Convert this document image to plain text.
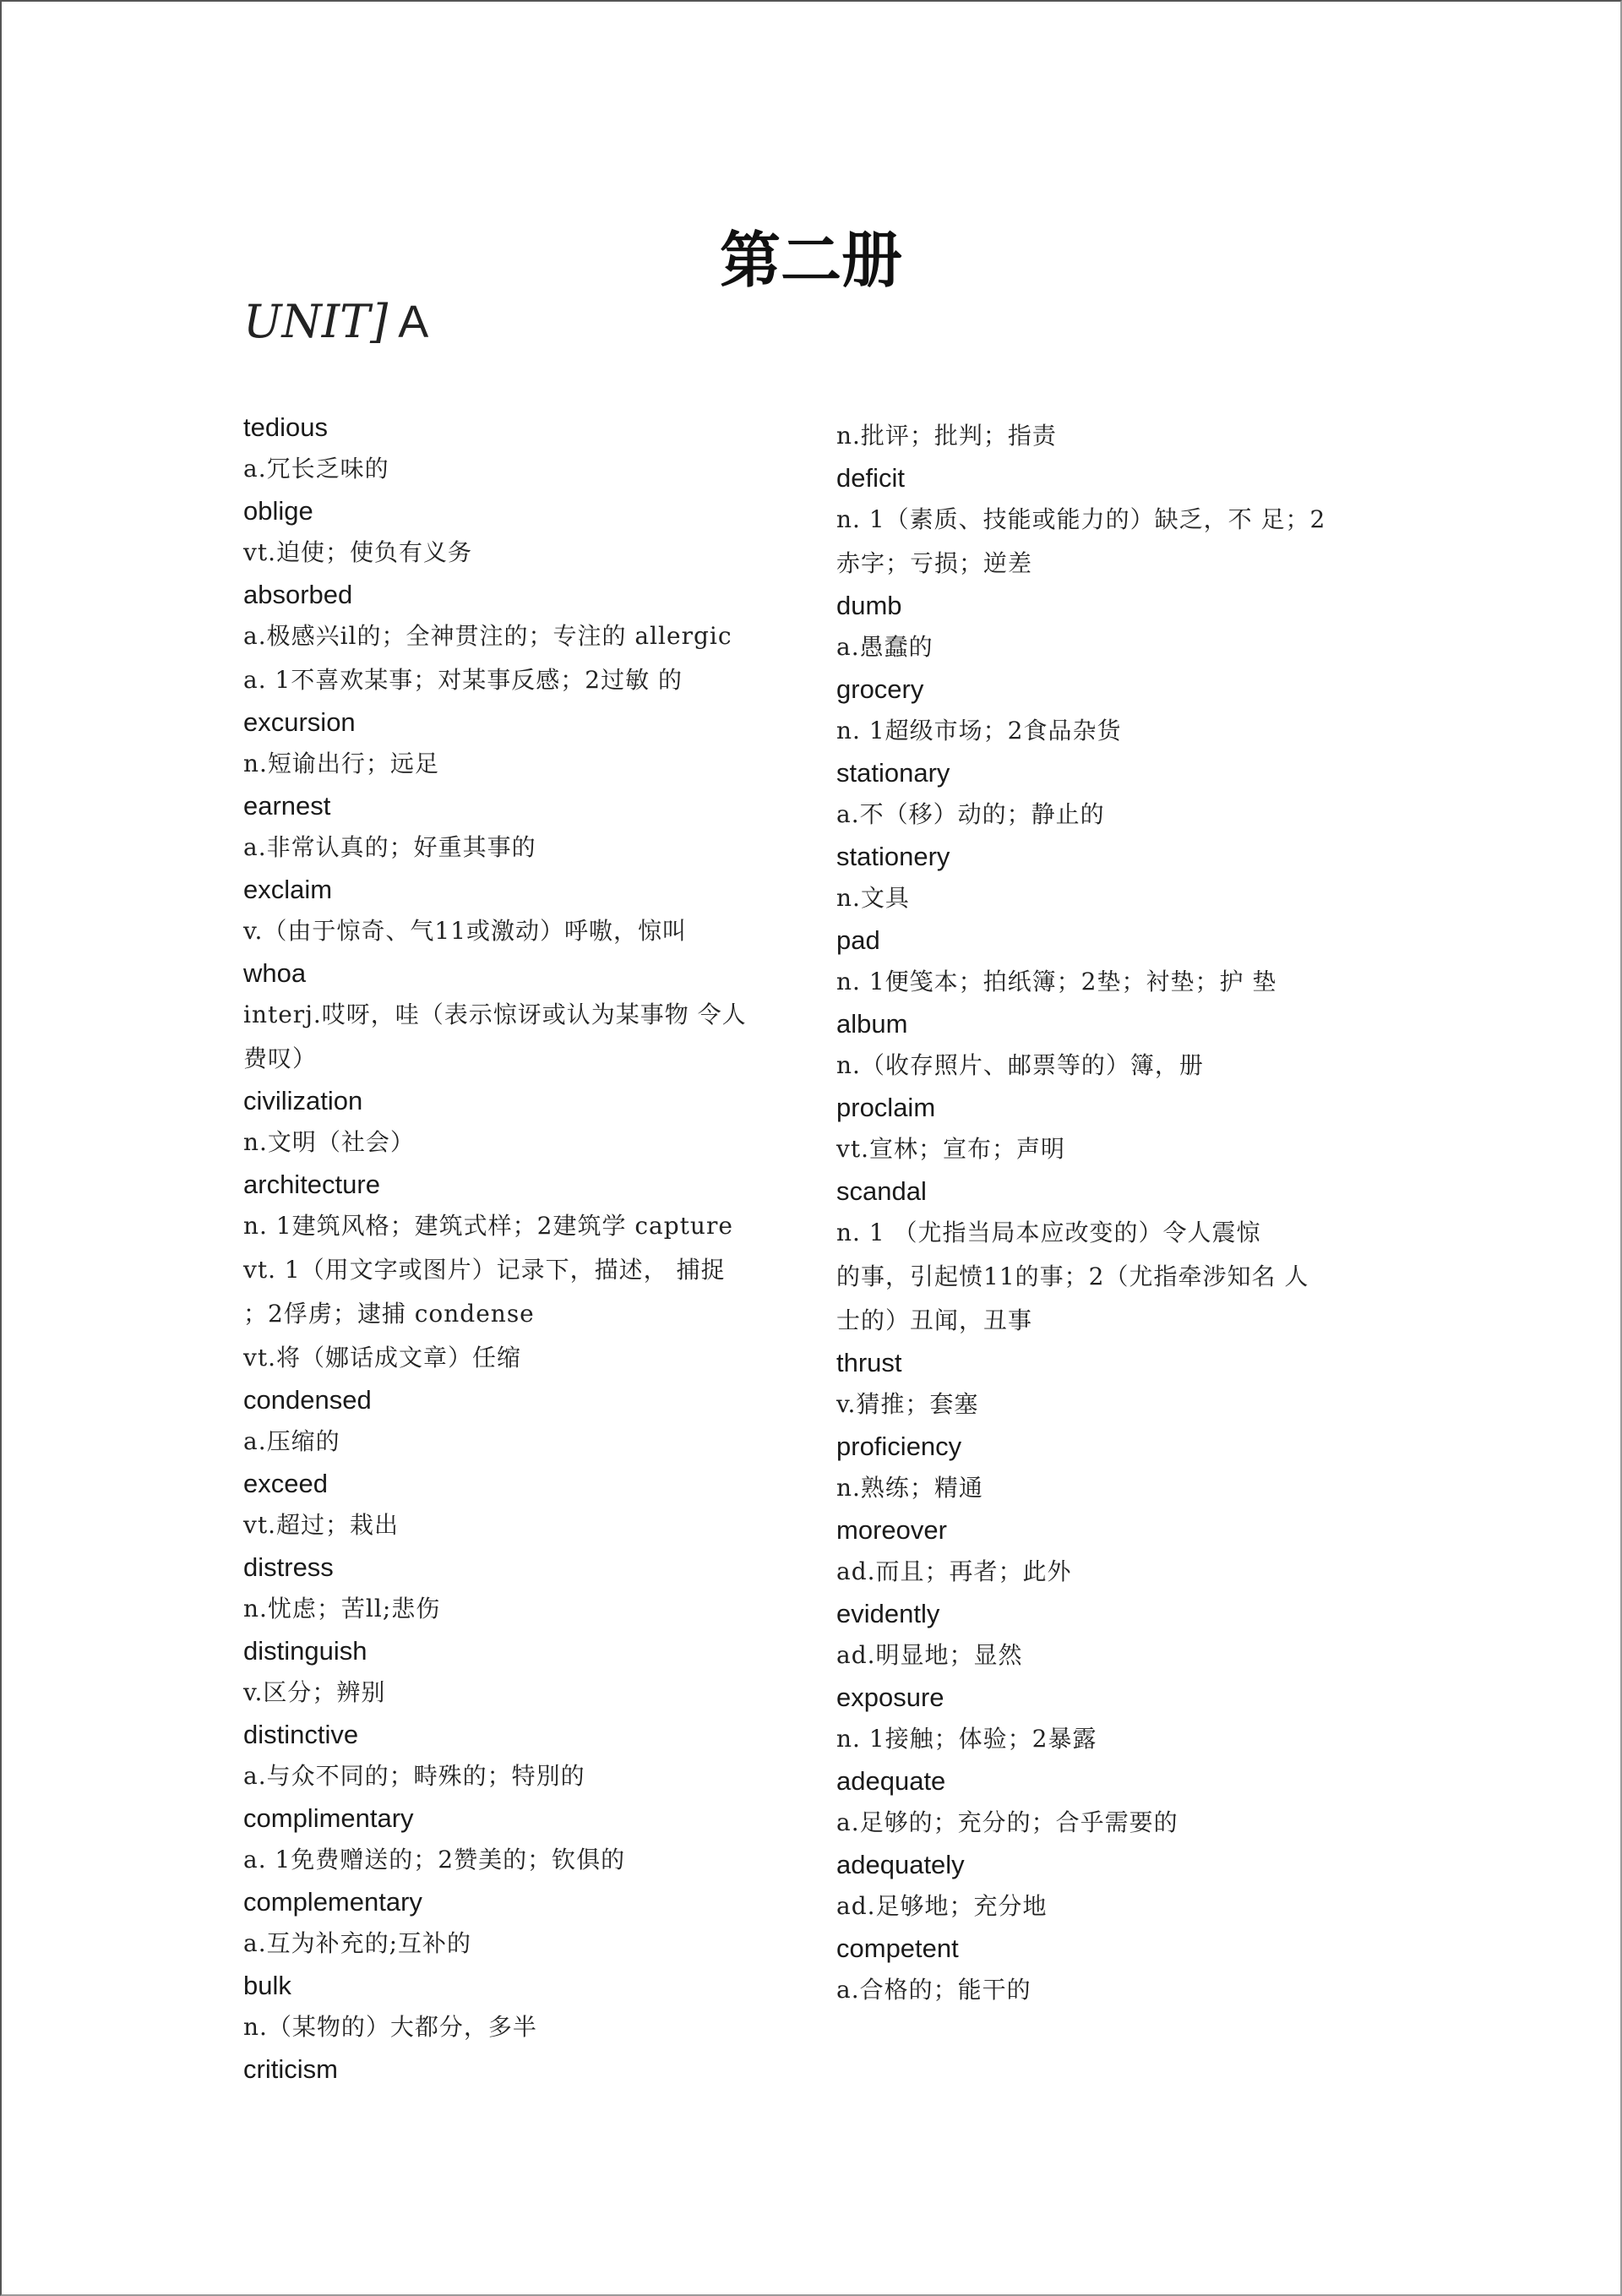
第二册
UNIT] A
tedious
a.冗长乏味的
oblige
vt.迫使；使负有义务
absorbed
a.极感兴il的；全神贯注的；专注的 allergic
a. 1不喜欢某事；对某事反感；2过敏 的
excursion
n.短谕出行；远足
earnest
a.非常认真的；好重其事的
exclaim
v.（由于惊奇、气11或激动）呼嗷，惊叫
whoa
interj.哎呀，哇（表示惊讶或认为某事物 令人
费叹）
civilization
n.文明（社会）
architecture
n. 1建筑风格；建筑式样；2建筑学 capture
vt. 1（用文字或图片）记录下，描述， 捕捉
；2俘虏；逮捕 condense
vt.将（娜话成文章）任缩
condensed
a.压缩的
exceed
vt.超过；栽出
distress
n.忧虑；苦ll;悲伤
distinguish
v.区分；辨别
distinctive
a.与众不同的；畤殊的；特別的
complimentary
a. 1免费赠送的；2赞美的；钦俱的
complementary
a.互为补充的;互补的
bulk
n.（某物的）大都分，多半
criticism
n.批评；批判；指责
deficit
n. 1（素质、技能或能力的）缺乏，不 足；2
赤字；亏损；逆差
dumb
a.愚蠢的
grocery
n. 1超级市场；2食品杂货
stationary
a.不（移）动的；静止的
stationery
n.文具
pad
n. 1便笺本；拍纸簿；2垫；衬垫；护 垫
album
n.（收存照片、邮票等的）簿，册
proclaim
vt.宣林；宣布；声明
scandal
n. 1 （尤指当局本应改变的）令人震惊
的事，引起愤11的事；2（尤指牵涉知名 人
士的）丑闻，丑事
thrust
v.猜推；套塞
proficiency
n.熟练；精通
moreover
ad.而且；再者；此外
evidently
ad.明显地；显然
exposure
n. 1接触；体验；2暴露
adequate
a.足够的；充分的；合乎需要的
adequately
ad.足够地；充分地
competent
a.合格的；能干的
